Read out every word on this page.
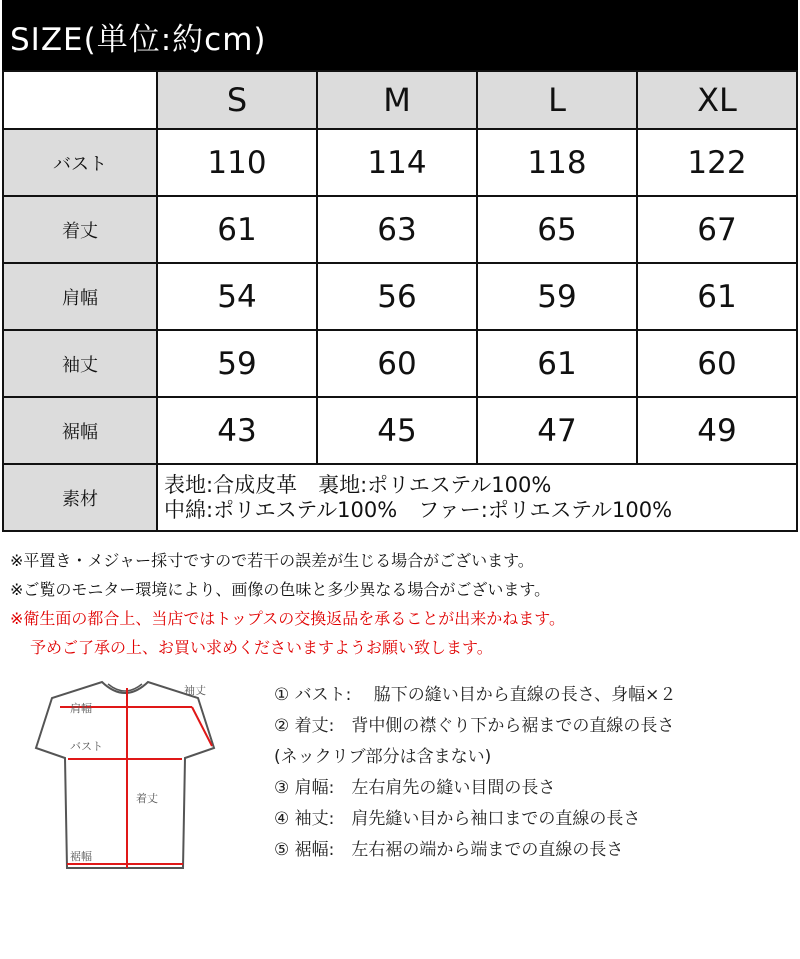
SIZE(単位:約cm)
	S	M	L	XL
バスト	110	114	118	122
着丈	61	63	65	67
肩幅	54	56	59	61
袖丈	59	60	61	60
裾幅	43	45	47	49
素材	表地:合成皮革　裏地:ポリエステル100%
中綿:ポリエステル100%　ファー:ポリエステル100%			
※平置き・メジャー採寸ですので若干の誤差が生じる場合がございます。
※ご覧のモニター環境により、画像の色味と多少異なる場合がございます。
※衛生面の都合上、当店ではトップスの交換返品を承ることが出来かねます。
予めご了承の上、お買い求めくださいますようお願い致します。
袖丈
肩幅
バスト
着丈
裾幅
① バスト:　 脇下の縫い目から直線の長さ、身幅×２
② 着丈:　背中側の襟ぐり下から裾までの直線の長さ
(ネックリブ部分は含まない)
③ 肩幅:　左右肩先の縫い目間の長さ
④ 袖丈:　肩先縫い目から袖口までの直線の長さ
⑤ 裾幅:　左右裾の端から端までの直線の長さ
